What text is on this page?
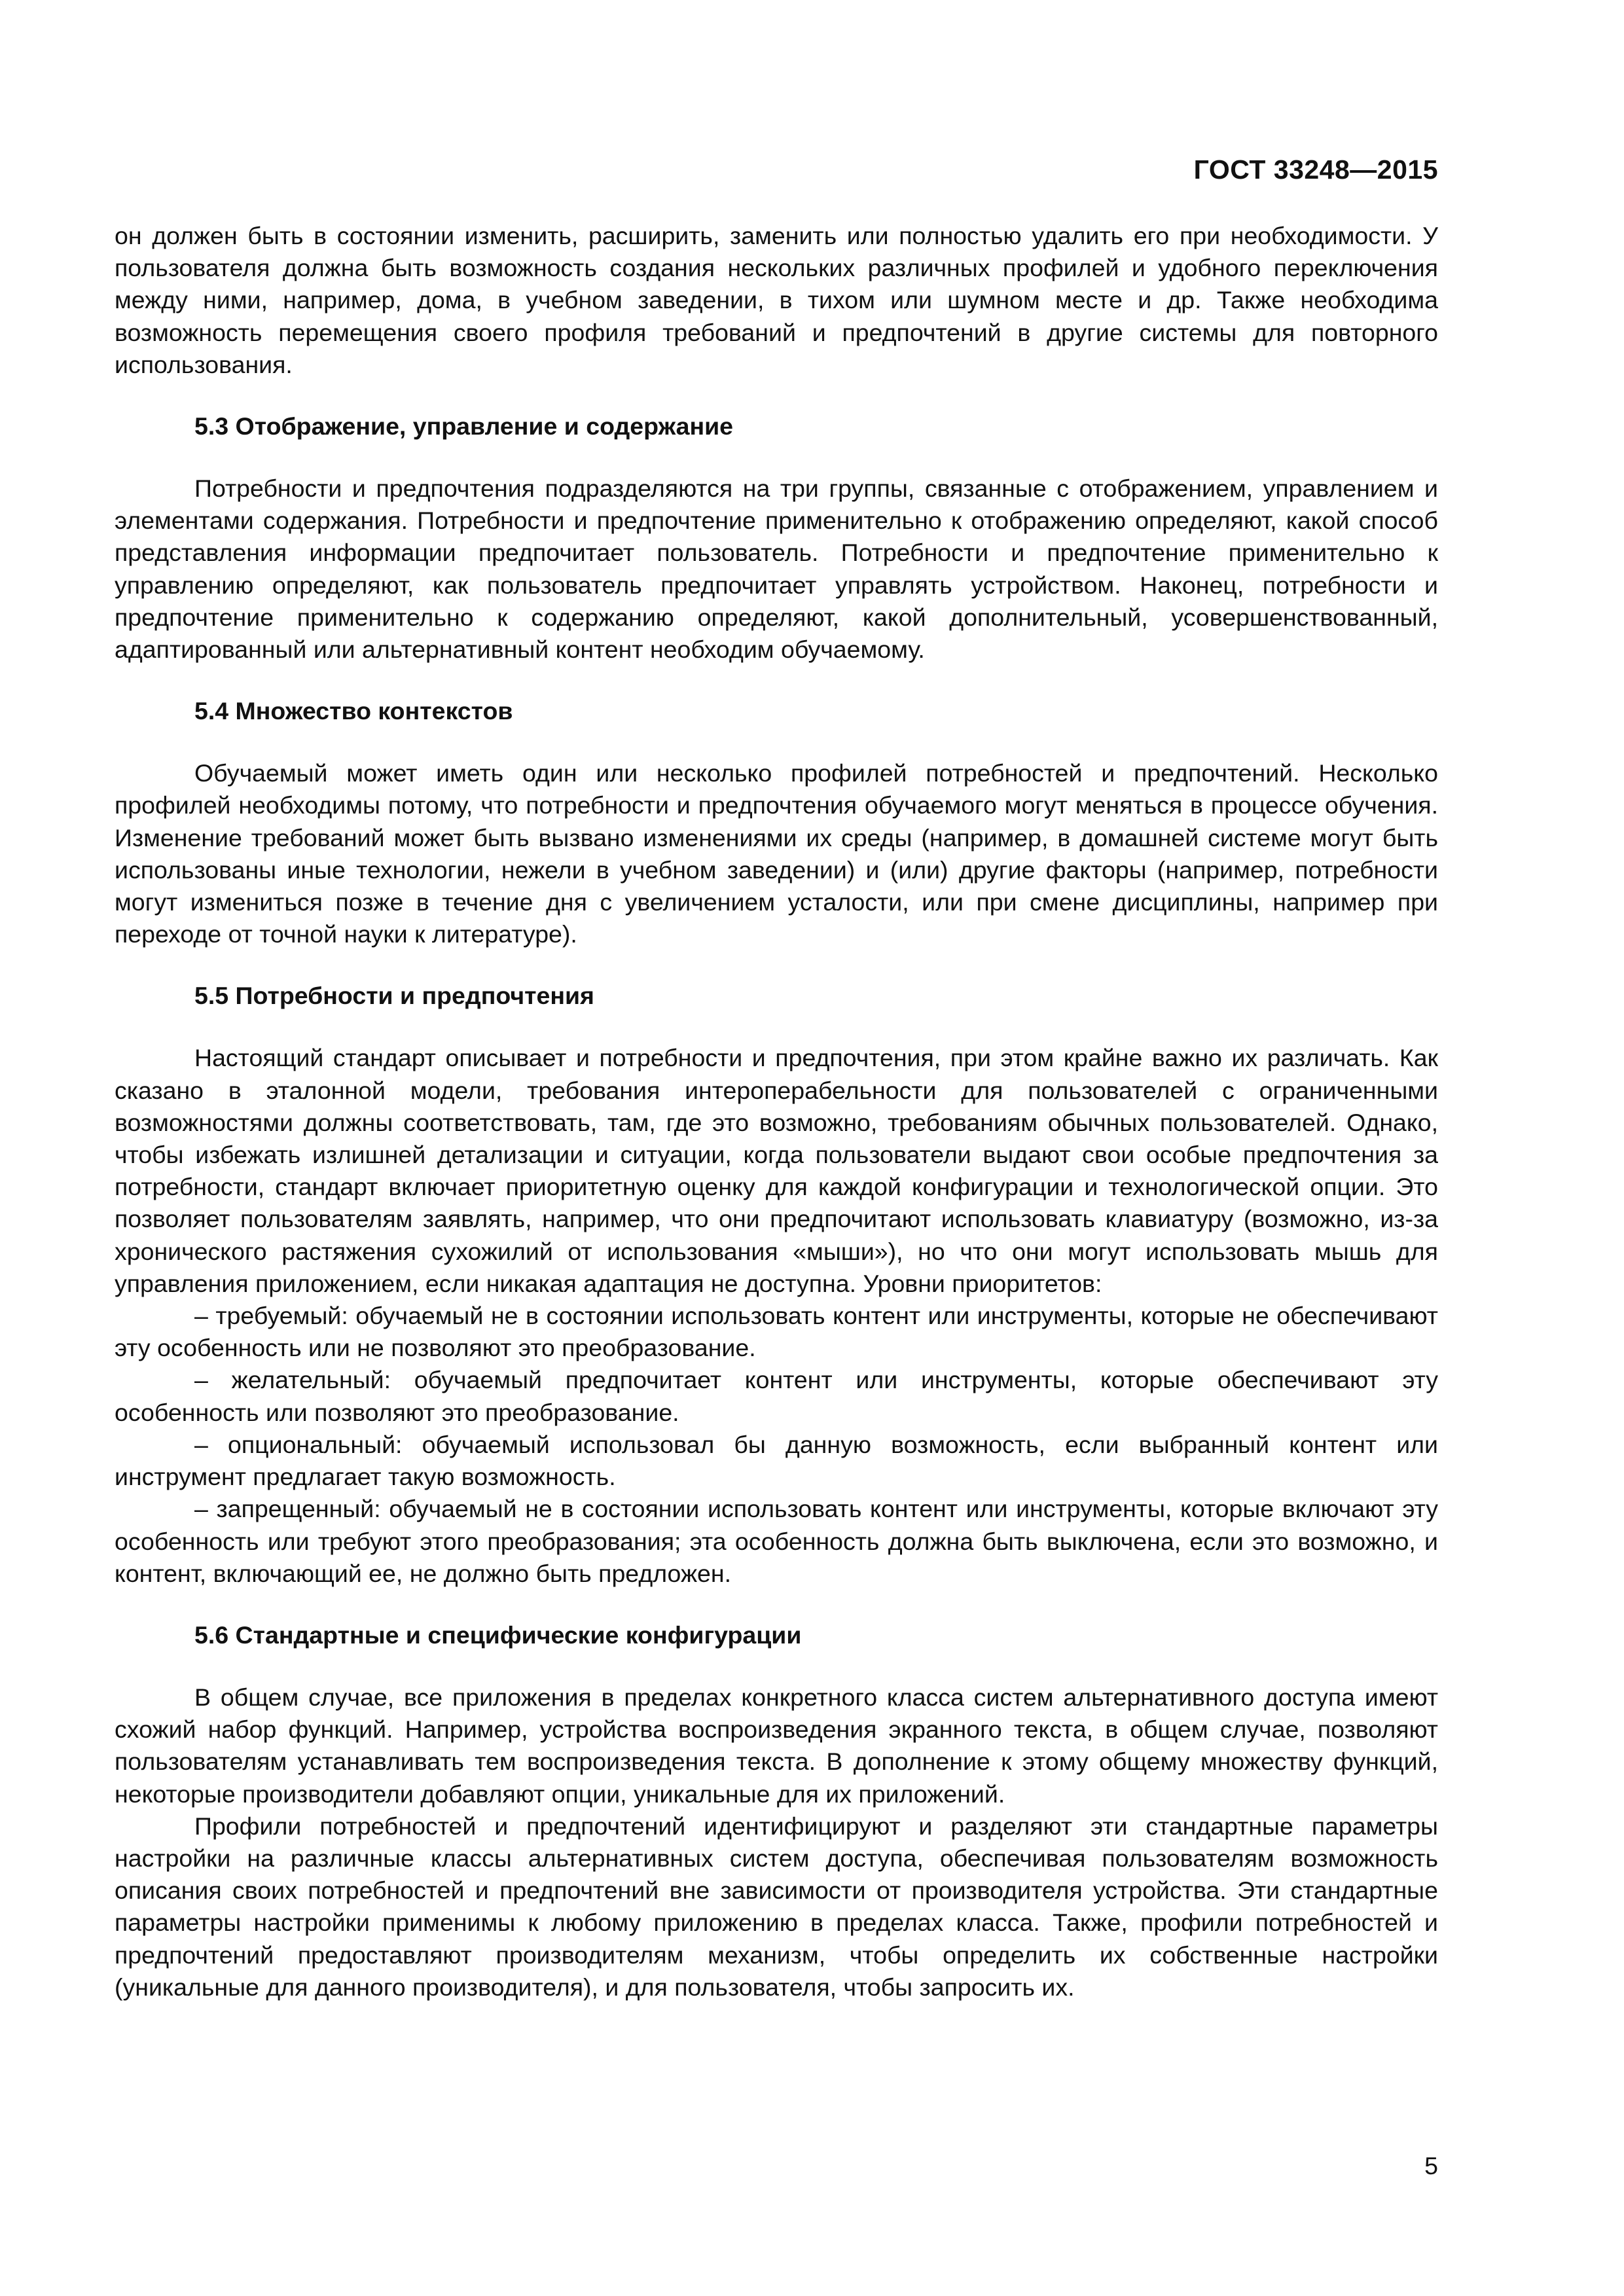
ГОСТ 33248—2015

он должен быть в состоянии изменить, расширить, заменить или полностью удалить его при необходимости. У пользователя должна быть возможность создания нескольких различных профилей и удобного переключения между ними, например, дома, в учебном заведении, в тихом или шумном месте и др. Также необходима возможность перемещения своего профиля требований и предпочтений в другие системы для повторного использования.

5.3 Отображение, управление и содержание

Потребности и предпочтения подразделяются на три группы, связанные с отображением, управлением и элементами содержания. Потребности и предпочтение применительно к отображению определяют, какой способ представления информации предпочитает пользователь. Потребности и предпочтение применительно к управлению определяют, как пользователь предпочитает управлять устройством. Наконец, потребности и предпочтение применительно к содержанию определяют, какой дополнительный, усовершенствованный, адаптированный или альтернативный контент необходим обучаемому.

5.4 Множество контекстов

Обучаемый может иметь один или несколько профилей потребностей и предпочтений. Несколько профилей необходимы потому, что потребности и предпочтения обучаемого могут меняться в процессе обучения. Изменение требований может быть вызвано изменениями их среды (например, в домашней системе могут быть использованы иные технологии, нежели в учебном заведении) и (или) другие факторы (например, потребности могут измениться позже в течение дня с увеличением усталости, или при смене дисциплины, например при переходе от точной науки к литературе).

5.5 Потребности и предпочтения

Настоящий стандарт описывает и потребности и предпочтения, при этом крайне важно их различать. Как сказано в эталонной модели, требования интероперабельности для пользователей с ограниченными возможностями должны соответствовать, там, где это возможно, требованиям обычных пользователей. Однако, чтобы избежать излишней детализации и ситуации, когда пользователи выдают свои особые предпочтения за потребности, стандарт включает приоритетную оценку для каждой конфигурации и технологической опции. Это позволяет пользователям заявлять, например, что они предпочитают использовать клавиатуру (возможно, из-за хронического растяжения сухожилий от использования «мыши»), но что они могут использовать мышь для управления приложением, если никакая адаптация не доступна. Уровни приоритетов:

– требуемый: обучаемый не в состоянии использовать контент или инструменты, которые не обеспечивают эту особенность или не позволяют это преобразование.

– желательный: обучаемый предпочитает контент или инструменты, которые обеспечивают эту особенность или позволяют это преобразование.

– опциональный: обучаемый использовал бы данную возможность, если выбранный контент или инструмент предлагает такую возможность.

– запрещенный: обучаемый не в состоянии использовать контент или инструменты, которые включают эту особенность или требуют этого преобразования; эта особенность должна быть выключена, если это возможно, и контент, включающий ее, не должно быть предложен.

5.6 Стандартные и специфические конфигурации

В общем случае, все приложения в пределах конкретного класса систем альтернативного доступа имеют схожий набор функций. Например, устройства воспроизведения экранного текста, в общем случае, позволяют пользователям устанавливать тем воспроизведения текста. В дополнение к этому общему множеству функций, некоторые производители добавляют опции, уникальные для их приложений.

Профили потребностей и предпочтений идентифицируют и разделяют эти стандартные параметры настройки на различные классы альтернативных систем доступа, обеспечивая пользователям возможность описания своих потребностей и предпочтений вне зависимости от производителя устройства. Эти стандартные параметры настройки применимы к любому приложению в пределах класса. Также, профили потребностей и предпочтений предоставляют производителям механизм, чтобы определить их собственные настройки (уникальные для данного производителя), и для пользователя, чтобы запросить их.

5
